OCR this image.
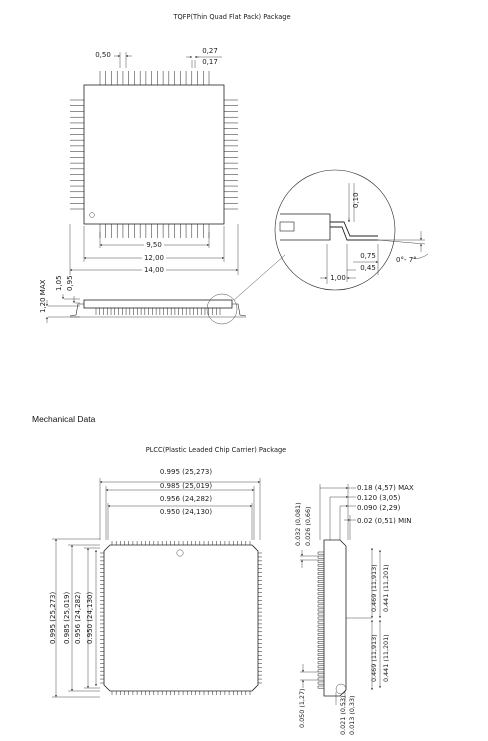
TQFP(Thin Quad Flat Pack) Package
0,50	0,27
0,17
9,50
12,00
14,00
1,20 MAX 1,05 0,95
0,10
0°- 7°
0,75
0,45
1,00
Mechanical Data
PLCC(Plastic Leaded Chip Carrier) Package
0.995 (25,273)
0.985 (25,019)
0.956 (24,282)
0.950 (24,130)
0.995 (25,273) 0.985 (25,019) 0.956 (24,282) 0.950 (24,130)
0.18 (4,57) MAX
0.120 (3,05)
0.090 (2,29)
0.02 (0,51) MIN
0.032 (0,081) 0.026 (0,66)
0.469 (11,913) 0.441 (11,201)
0.469 (11,913) 0.441 (11,201)
0.050 (1,27)	0.021 (0,53) 0.013 (0,33)
